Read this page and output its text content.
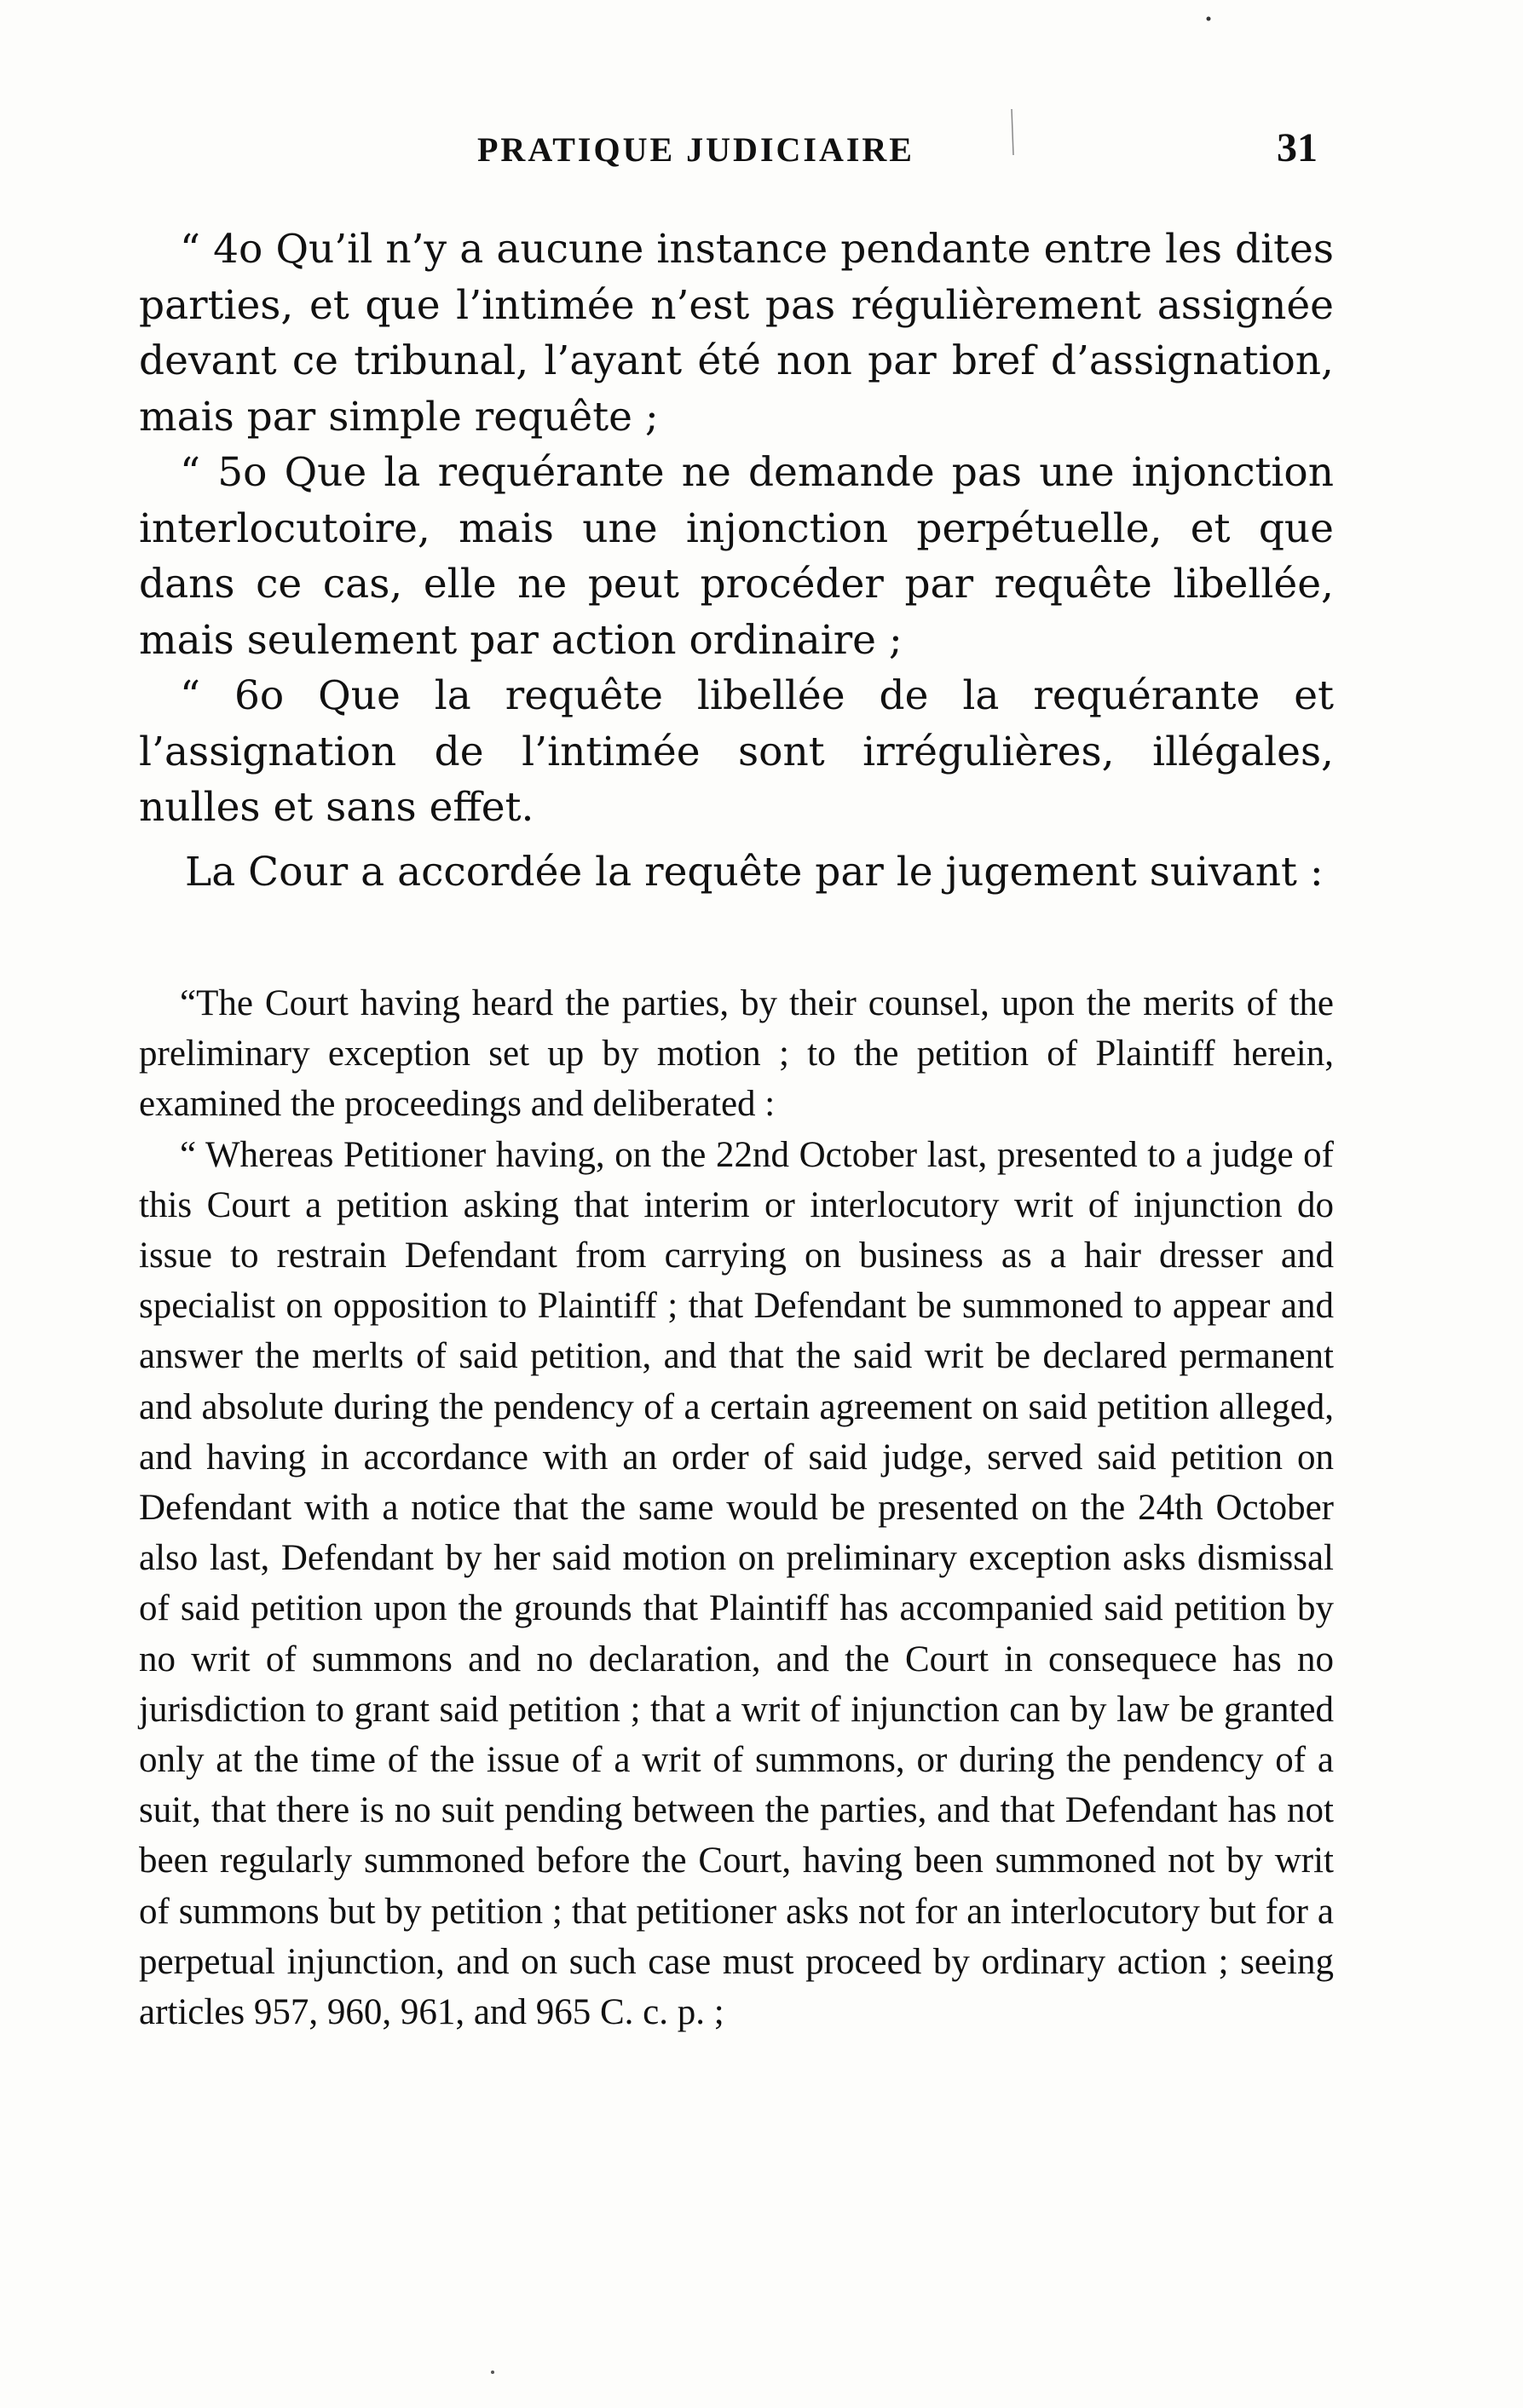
PRATIQUE JUDICIAIRE	31

“ 4o Qu’il n’y a aucune instance pendante entre les dites parties, et que l’intimée n’est pas régulièrement assignée devant ce tribunal, l’ayant été non par bref d’assignation, mais par simple requête ;

“ 5o Que la requérante ne demande pas une injonction interlocutoire, mais une injonction perpétuelle, et que dans ce cas, elle ne peut procéder par requête libellée, mais seulement par action ordinaire ;

“ 6o Que la requête libellée de la requérante et l’assignation de l’intimée sont irrégulières, illégales, nulles et sans effet.

La Cour a accordée la requête par le jugement suivant :

“The Court having heard the parties, by their counsel, upon the merits of the preliminary exception set up by motion ; to the petition of Plaintiff herein, examined the proceedings and deliberated :

“ Whereas Petitioner having, on the 22nd October last, presented to a judge of this Court a petition asking that interim or interlocutory writ of injunction do issue to restrain Defendant from carrying on business as a hair dresser and specialist on opposition to Plaintiff ; that Defendant be summoned to appear and answer the merlts of said petition, and that the said writ be declared permanent and absolute during the pendency of a certain agreement on said petition alleged, and having in accordance with an order of said judge, served said petition on Defendant with a notice that the same would be presented on the 24th October also last, Defendant by her said motion on preliminary exception asks dismissal of said petition upon the grounds that Plaintiff has accompanied said petition by no writ of summons and no declaration, and the Court in consequece has no jurisdiction to grant said petition ; that a writ of injunction can by law be granted only at the time of the issue of a writ of summons, or during the pendency of a suit, that there is no suit pending between the parties, and that Defendant has not been regularly summoned before the Court, having been summoned not by writ of summons but by petition ; that petitioner asks not for an interlocutory but for a perpetual injunction, and on such case must proceed by ordinary action ; seeing articles 957, 960, 961, and 965 C. c. p. ;
